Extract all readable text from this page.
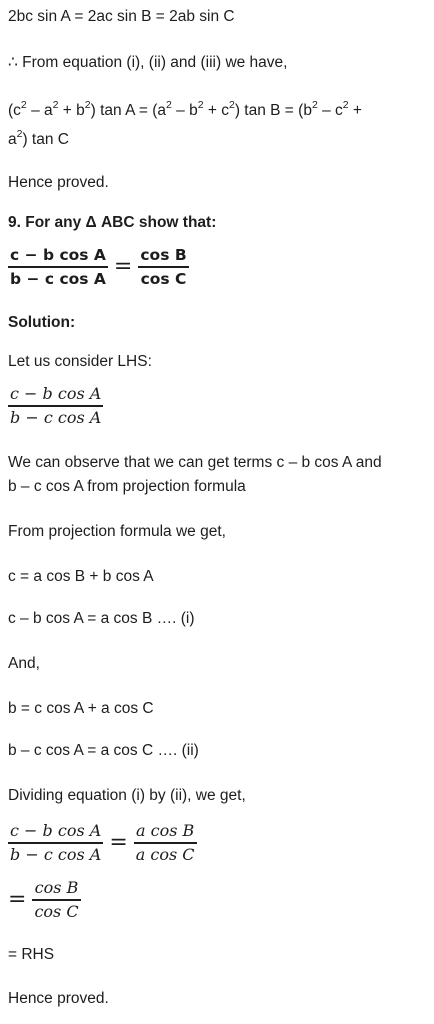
2bc sin A = 2ac sin B = 2ab sin C
∴ From equation (i), (ii) and (iii) we have,
$(c^2 - a^2 + b^2)$ $\tan A = (a^2 - b^2 + c^2)$ $\tan B = (b^2 - c^2$ +
$a^2$) tan C
Hence proved.
9. For any Δ ABC show that:
$\frac{\text{c − b cos A}}{\text{b − c cos A}} = \frac{\text{cos B}}{\text{cos C}}$
Solution:
Let us consider LHS:
$\frac{\text{c − b cos A}}{\text{b − c cos A}}$
We can observe that we can get terms c – b cos A and
b – c cos A from projection formula
From projection formula we get,
c = a cos B + b cos A
c – b cos A = a cos B …. (i)
And,
b = c cos A + a cos C
b – c cos A = a cos C …. (ii)
Dividing equation (i) by (ii), we get,
$\frac{\text{c − b cos A}}{\text{b − c cos A}} = \frac{\text{a cos B}}{\text{a cos C}}$
= $\frac{\text{cos B}}{\text{cos C}}$
= RHS
Hence proved.
